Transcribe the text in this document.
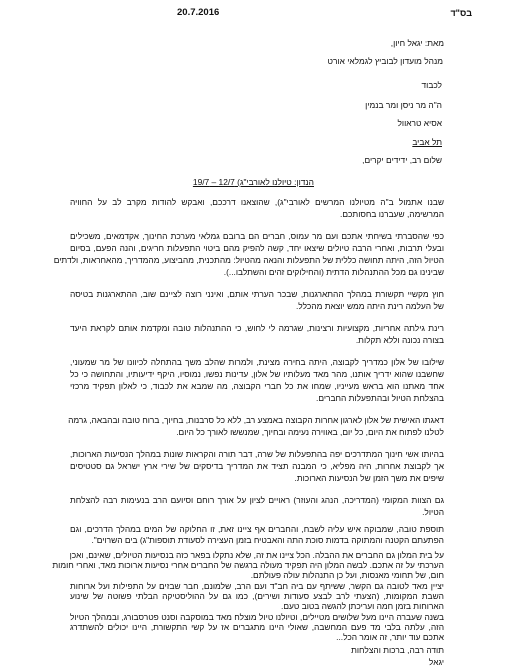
20.7.2016	בס"ד
מאת: יגאל חיון,
מנהל מועדון לבוביץ לגמלאי אורט
לכבוד
ה"ה מר ניסן ומר בנמין
אסיא טראוול
תל אביב
שלום רב, ידידים יקרים,
הנדון: טיולנו לאורבי"ג) 12/7 – 19/7
שבנו אתמול ב"ה מטיולנו המרשים לאורבי"ג), שהוצאנו דרככם, ואבקש להודות מקרב לב על החוויה
המרשימה, שעברנו בחסותכם.
כפי שהסברתי בשיחתי אתכם ועם מר עמוס, חברים הם ברובם גמלאי מערכת החינוך, אקדמאים, משכילים
ובעלי תרבות, ואחרי הרבה טיולים שיצאו יחד, קשה להפיק מהם ביטוי התפעלות חריגים, והנה הפעם, בסיום
הטיול הזה, היתה תחושה כללית של התפעלות והנאה מהטיול: מהתכנית, מהביצוע, מהמדריך, מהאחראות, ולדתים
שבינינו גם מכל ההתנהלות הדתית (והחילוקים זהים והשתלבו...).
חוץ מקשיי תקשורת במהלך ההתארגנות, שבכר הערתי אותם, ואינני רוצה לציינם שוב, ההתארגנות בטיסה
של העלמה רינת היתה ממש יוצאת מהכלל.
רינת גילתה אחריות, מקצועיות ורצינות, שגרמה לי לחוש, כי ההתנהלות טובה ומקדמת אותם לקראת היעד
בצורה נכונה וללא תקלות.
שילובו של אלון כמדריך לקבוצה, היתה בחירה מצינת, ולמרות שהלב משך בהתחלה לכיוונו של מר שמעוני,
שחשבנו שהוא ידריך אותנו, מהר מאד מעלותיו של אלון, עדינות נפשו, נמוסיו, היקף ידיעותיו, והתחושה כי כל
אחד מאתנו הוא בראש מעייניו, שמחו את כל חברי הקבוצה, מה שמבא את לכבוד, כי לאלון תפקיד מרכזי
בהצלחת הטיול ובהתפעלות החברים.
דאגתו האישית של אלון לארגון אחרות הקבוצה באמצע רב, ללא כל סרבנות, בחיוך, ברוח טובה ובהבאה, גרמה
לטלנו לפתוח את היום, כל יום, באווירה נעימה ובחיוך, שמנששו לאורך כל היום.
בהיותו אשי חינוך המתדרכים יפה בהתפעלות של שרה, דבר תורה והקראות שונות במהלך הנסיעות הארוכות,
אך לקבוצת אחרות, היה מפליא, כי המבנה תציד את המדריך בדיסקים של שירי ארץ ישראל גם סטטיסים
שיפים את משך הזמן של הנסיעות הארוכות.
גם הצוות המקומי (המדריכה, הנהג והעוזר) ראויים לציון על אורך רוחם וסיועם הרב בנעימות רבה להצלחת
הטיול.
תוספת טובה, שמבוקה איש עליה לשבח, והחברים אף ציינו זאת, זו החלוקה של המים במהלך הדרכים, וגם
הפתעתם הקטנה והמתוקה בדמות סוכת התה והאבטיח בזמן העצירה לסעודת תוספות"ג) בים השרוים".
על בית המלון גם החברים את ההבלה. הכל ציינו את זה, שלא נתקלו בפאר כזה בנסיעות הטיולים, שאינם, ואכן
הערכתי על זה אתכם. לבשה המלון היה תפקיד מעולה ברגשה של החברים אחרי נסיעות ארוכות מאד, ואחרי חומות
חום, של תחומי מאנסות, ועל כן התנהלות עולה פעולתם.
יציין מאד לטובה גם הקשר, ששיתף עם ביה חב"ד ועם הרב, שלמונם, חבר שבזים על התפילות ועל ארוחות
השבת המקומות, (הצעתי לרב לבצע סעודות ושירים), כמו גם על ההוליסטיקה הבלתי פשוטה של שינוע
הארוחות בזמן חמה ועריכתן להגשה בטוב טעם.
בשנה שעברה היינו מעל שלושים מטיילים, וטיולנו טיול מוצלח מאד במוסקבה וסנט פטרסבורג, ובמהלך הטיול
תודה רבה, ברכות והצלחות
יגאל
הזה, עלתה בלבי מד פעם המחשבה, שאולי היינו מתגברים אז על קשי התקשורת, היינו יכולים להשתדרג
אתכם עוד יותר, זה אומר הכל...
